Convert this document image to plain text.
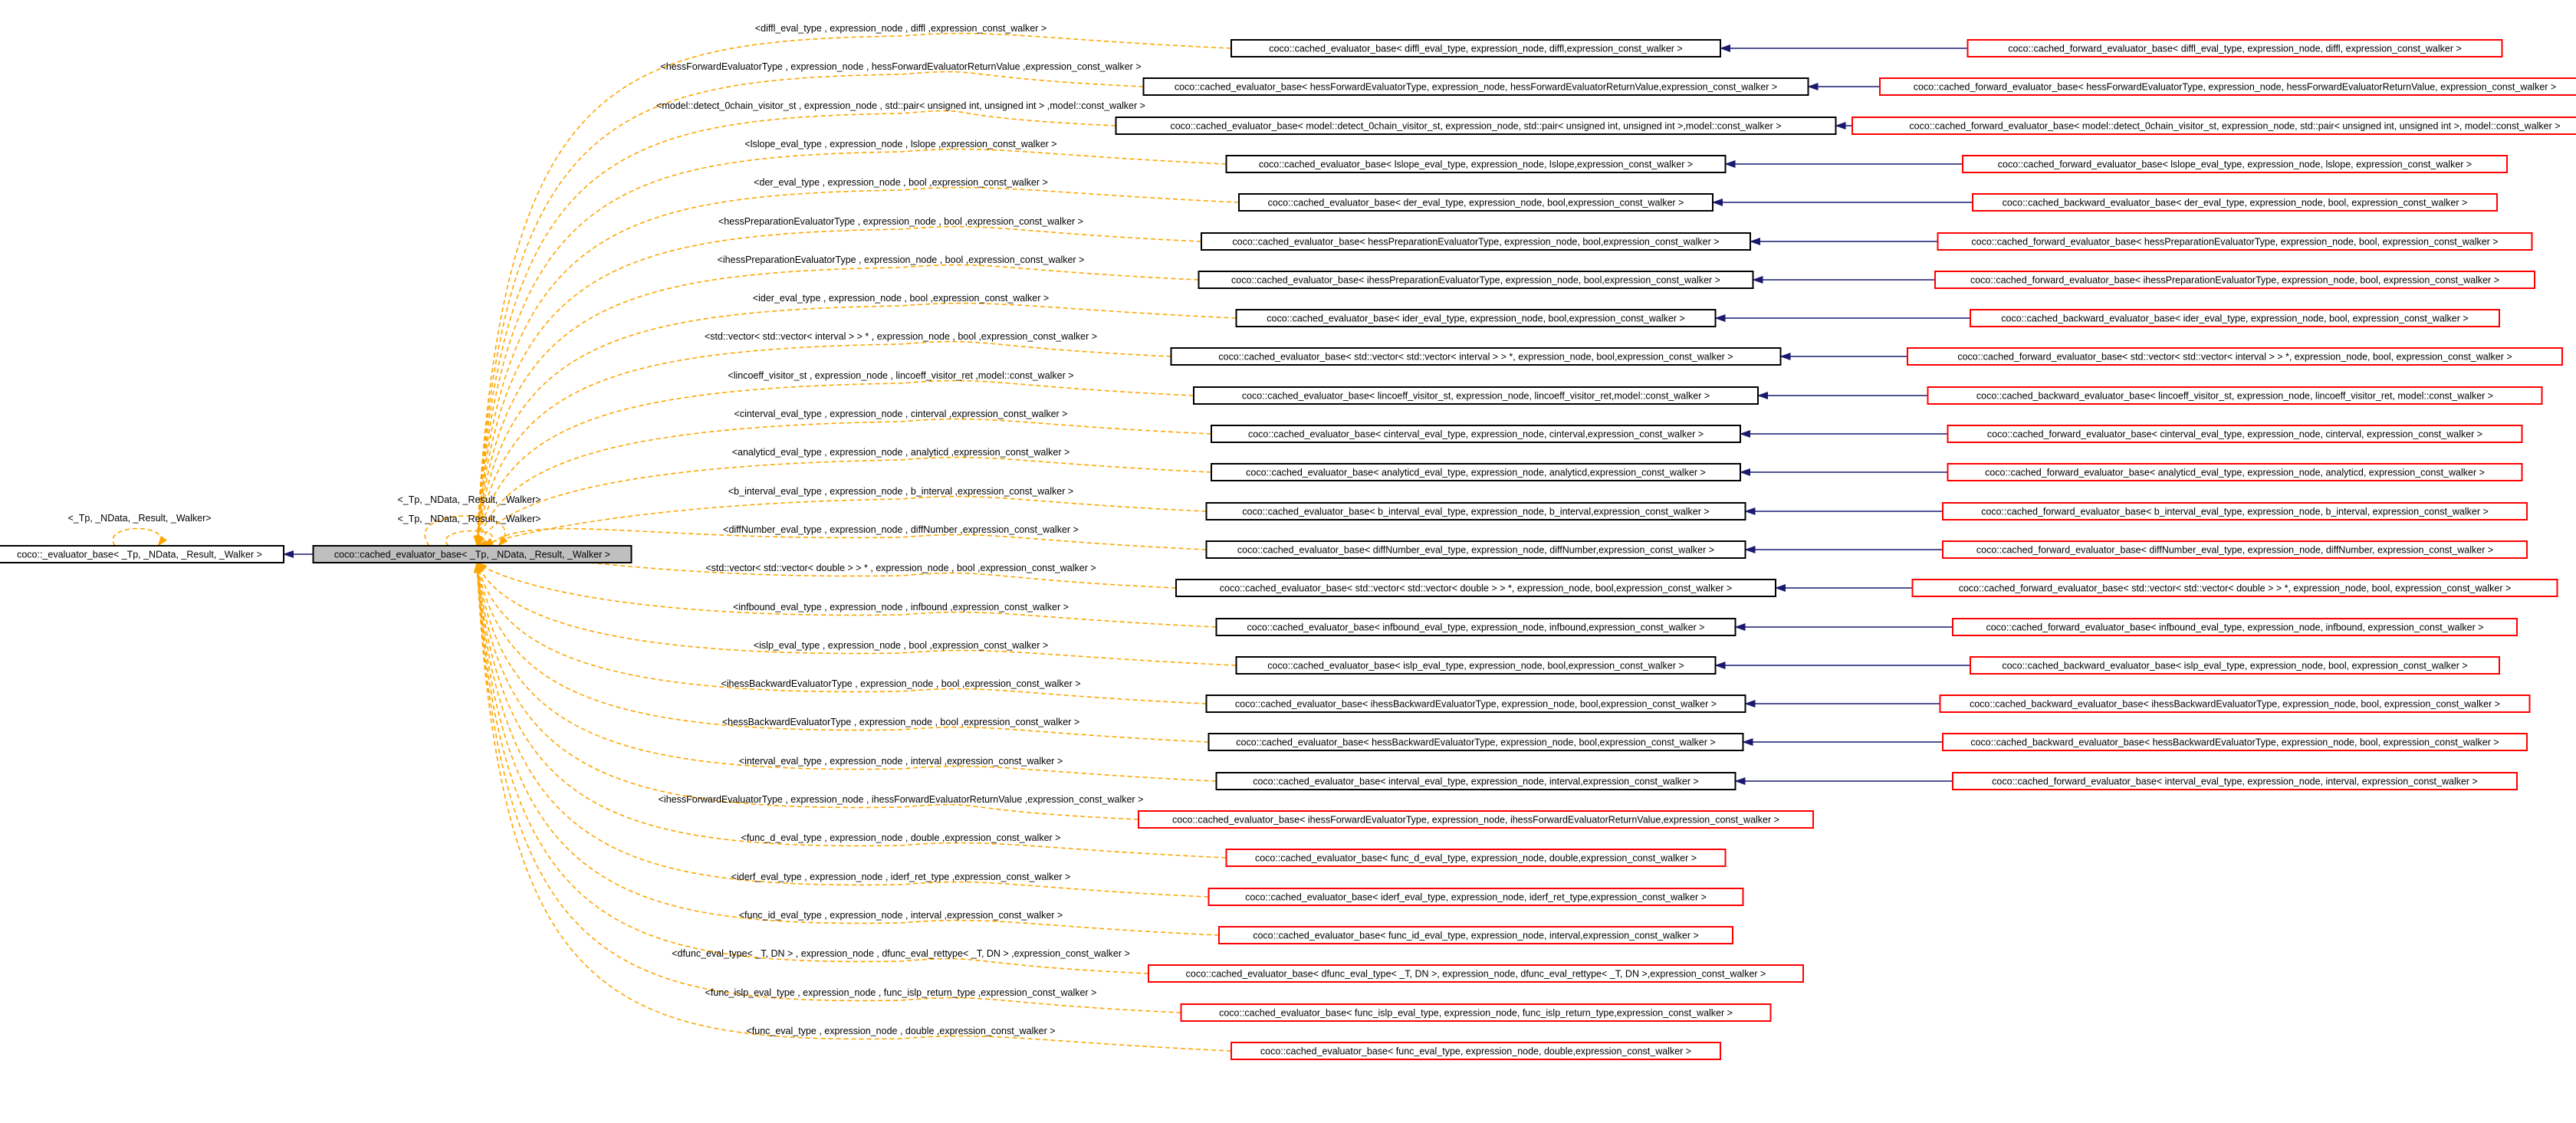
coco::_evaluator_base< _Tp, _NData, _Result, _Walker >	coco::cached_evaluator_base< _Tp, _NData, _Result, _Walker >
coco::cached_evaluator_base< diffl_eval_type, expression_node, diffl,expression_const_walker >	coco::cached_forward_evaluator_base< diffl_eval_type, expression_node, diffl, expression_const_walker >
coco::cached_evaluator_base< hessForwardEvaluatorType, expression_node, hessForwardEvaluatorReturnValue,expression_const_walker >	coco::cached_forward_evaluator_base< hessForwardEvaluatorType, expression_node, hessForwardEvaluatorReturnValue, expression_const_walker >
coco::cached_evaluator_base< model::detect_0chain_visitor_st, expression_node, std::pair< unsigned int, unsigned int >,model::const_walker >	coco::cached_forward_evaluator_base< model::detect_0chain_visitor_st, expression_node, std::pair< unsigned int, unsigned int >, model::const_walker >
coco::cached_evaluator_base< lslope_eval_type, expression_node, lslope,expression_const_walker >	coco::cached_forward_evaluator_base< lslope_eval_type, expression_node, lslope, expression_const_walker >
coco::cached_evaluator_base< der_eval_type, expression_node, bool,expression_const_walker >	coco::cached_backward_evaluator_base< der_eval_type, expression_node, bool, expression_const_walker >
coco::cached_evaluator_base< hessPreparationEvaluatorType, expression_node, bool,expression_const_walker >	coco::cached_forward_evaluator_base< hessPreparationEvaluatorType, expression_node, bool, expression_const_walker >
coco::cached_evaluator_base< ihessPreparationEvaluatorType, expression_node, bool,expression_const_walker >	coco::cached_forward_evaluator_base< ihessPreparationEvaluatorType, expression_node, bool, expression_const_walker >
coco::cached_evaluator_base< ider_eval_type, expression_node, bool,expression_const_walker >	coco::cached_backward_evaluator_base< ider_eval_type, expression_node, bool, expression_const_walker >
coco::cached_evaluator_base< std::vector< std::vector< interval > > *, expression_node, bool,expression_const_walker >	coco::cached_forward_evaluator_base< std::vector< std::vector< interval > > *, expression_node, bool, expression_const_walker >
coco::cached_evaluator_base< lincoeff_visitor_st, expression_node, lincoeff_visitor_ret,model::const_walker >	coco::cached_backward_evaluator_base< lincoeff_visitor_st, expression_node, lincoeff_visitor_ret, model::const_walker >
coco::cached_evaluator_base< cinterval_eval_type, expression_node, cinterval,expression_const_walker >	coco::cached_forward_evaluator_base< cinterval_eval_type, expression_node, cinterval, expression_const_walker >
coco::cached_evaluator_base< analyticd_eval_type, expression_node, analyticd,expression_const_walker >	coco::cached_forward_evaluator_base< analyticd_eval_type, expression_node, analyticd, expression_const_walker >
coco::cached_evaluator_base< b_interval_eval_type, expression_node, b_interval,expression_const_walker >	coco::cached_forward_evaluator_base< b_interval_eval_type, expression_node, b_interval, expression_const_walker >
coco::cached_evaluator_base< diffNumber_eval_type, expression_node, diffNumber,expression_const_walker >	coco::cached_forward_evaluator_base< diffNumber_eval_type, expression_node, diffNumber, expression_const_walker >
coco::cached_evaluator_base< std::vector< std::vector< double > > *, expression_node, bool,expression_const_walker >	coco::cached_forward_evaluator_base< std::vector< std::vector< double > > *, expression_node, bool, expression_const_walker >
coco::cached_evaluator_base< infbound_eval_type, expression_node, infbound,expression_const_walker >	coco::cached_forward_evaluator_base< infbound_eval_type, expression_node, infbound, expression_const_walker >
coco::cached_evaluator_base< islp_eval_type, expression_node, bool,expression_const_walker >	coco::cached_backward_evaluator_base< islp_eval_type, expression_node, bool, expression_const_walker >
coco::cached_evaluator_base< ihessBackwardEvaluatorType, expression_node, bool,expression_const_walker >	coco::cached_backward_evaluator_base< ihessBackwardEvaluatorType, expression_node, bool, expression_const_walker >
coco::cached_evaluator_base< hessBackwardEvaluatorType, expression_node, bool,expression_const_walker >	coco::cached_backward_evaluator_base< hessBackwardEvaluatorType, expression_node, bool, expression_const_walker >
coco::cached_evaluator_base< interval_eval_type, expression_node, interval,expression_const_walker >	coco::cached_forward_evaluator_base< interval_eval_type, expression_node, interval, expression_const_walker >
coco::cached_evaluator_base< ihessForwardEvaluatorType, expression_node, ihessForwardEvaluatorReturnValue,expression_const_walker >
coco::cached_evaluator_base< func_d_eval_type, expression_node, double,expression_const_walker >
coco::cached_evaluator_base< iderf_eval_type, expression_node, iderf_ret_type,expression_const_walker >
coco::cached_evaluator_base< func_id_eval_type, expression_node, interval,expression_const_walker >
coco::cached_evaluator_base< dfunc_eval_type< _T, DN >, expression_node, dfunc_eval_rettype< _T, DN >,expression_const_walker >
coco::cached_evaluator_base< func_islp_eval_type, expression_node, func_islp_return_type,expression_const_walker >
coco::cached_evaluator_base< func_eval_type, expression_node, double,expression_const_walker >
<_Tp, _NData, _Result, _Walker>
<_Tp, _NData, _Result, _Walker>
<_Tp, _NData, _Result, _Walker>
<diffl_eval_type , expression_node , diffl ,expression_const_walker >
<hessForwardEvaluatorType , expression_node , hessForwardEvaluatorReturnValue ,expression_const_walker >
<model::detect_0chain_visitor_st , expression_node , std::pair< unsigned int, unsigned int > ,model::const_walker >
<lslope_eval_type , expression_node , lslope ,expression_const_walker >
<der_eval_type , expression_node , bool ,expression_const_walker >
<hessPreparationEvaluatorType , expression_node , bool ,expression_const_walker >
<ihessPreparationEvaluatorType , expression_node , bool ,expression_const_walker >
<ider_eval_type , expression_node , bool ,expression_const_walker >
<std::vector< std::vector< interval > > * , expression_node , bool ,expression_const_walker >
<lincoeff_visitor_st , expression_node , lincoeff_visitor_ret ,model::const_walker >
<cinterval_eval_type , expression_node , cinterval ,expression_const_walker >
<analyticd_eval_type , expression_node , analyticd ,expression_const_walker >
<b_interval_eval_type , expression_node , b_interval ,expression_const_walker >
<diffNumber_eval_type , expression_node , diffNumber ,expression_const_walker >
<std::vector< std::vector< double > > * , expression_node , bool ,expression_const_walker >
<infbound_eval_type , expression_node , infbound ,expression_const_walker >
<islp_eval_type , expression_node , bool ,expression_const_walker >
<ihessBackwardEvaluatorType , expression_node , bool ,expression_const_walker >
<hessBackwardEvaluatorType , expression_node , bool ,expression_const_walker >
<interval_eval_type , expression_node , interval ,expression_const_walker >
<ihessForwardEvaluatorType , expression_node , ihessForwardEvaluatorReturnValue ,expression_const_walker >
<func_d_eval_type , expression_node , double ,expression_const_walker >
<iderf_eval_type , expression_node , iderf_ret_type ,expression_const_walker >
<func_id_eval_type , expression_node , interval ,expression_const_walker >
<dfunc_eval_type< _T, DN > , expression_node , dfunc_eval_rettype< _T, DN > ,expression_const_walker >
<func_islp_eval_type , expression_node , func_islp_return_type ,expression_const_walker >
<func_eval_type , expression_node , double ,expression_const_walker >
